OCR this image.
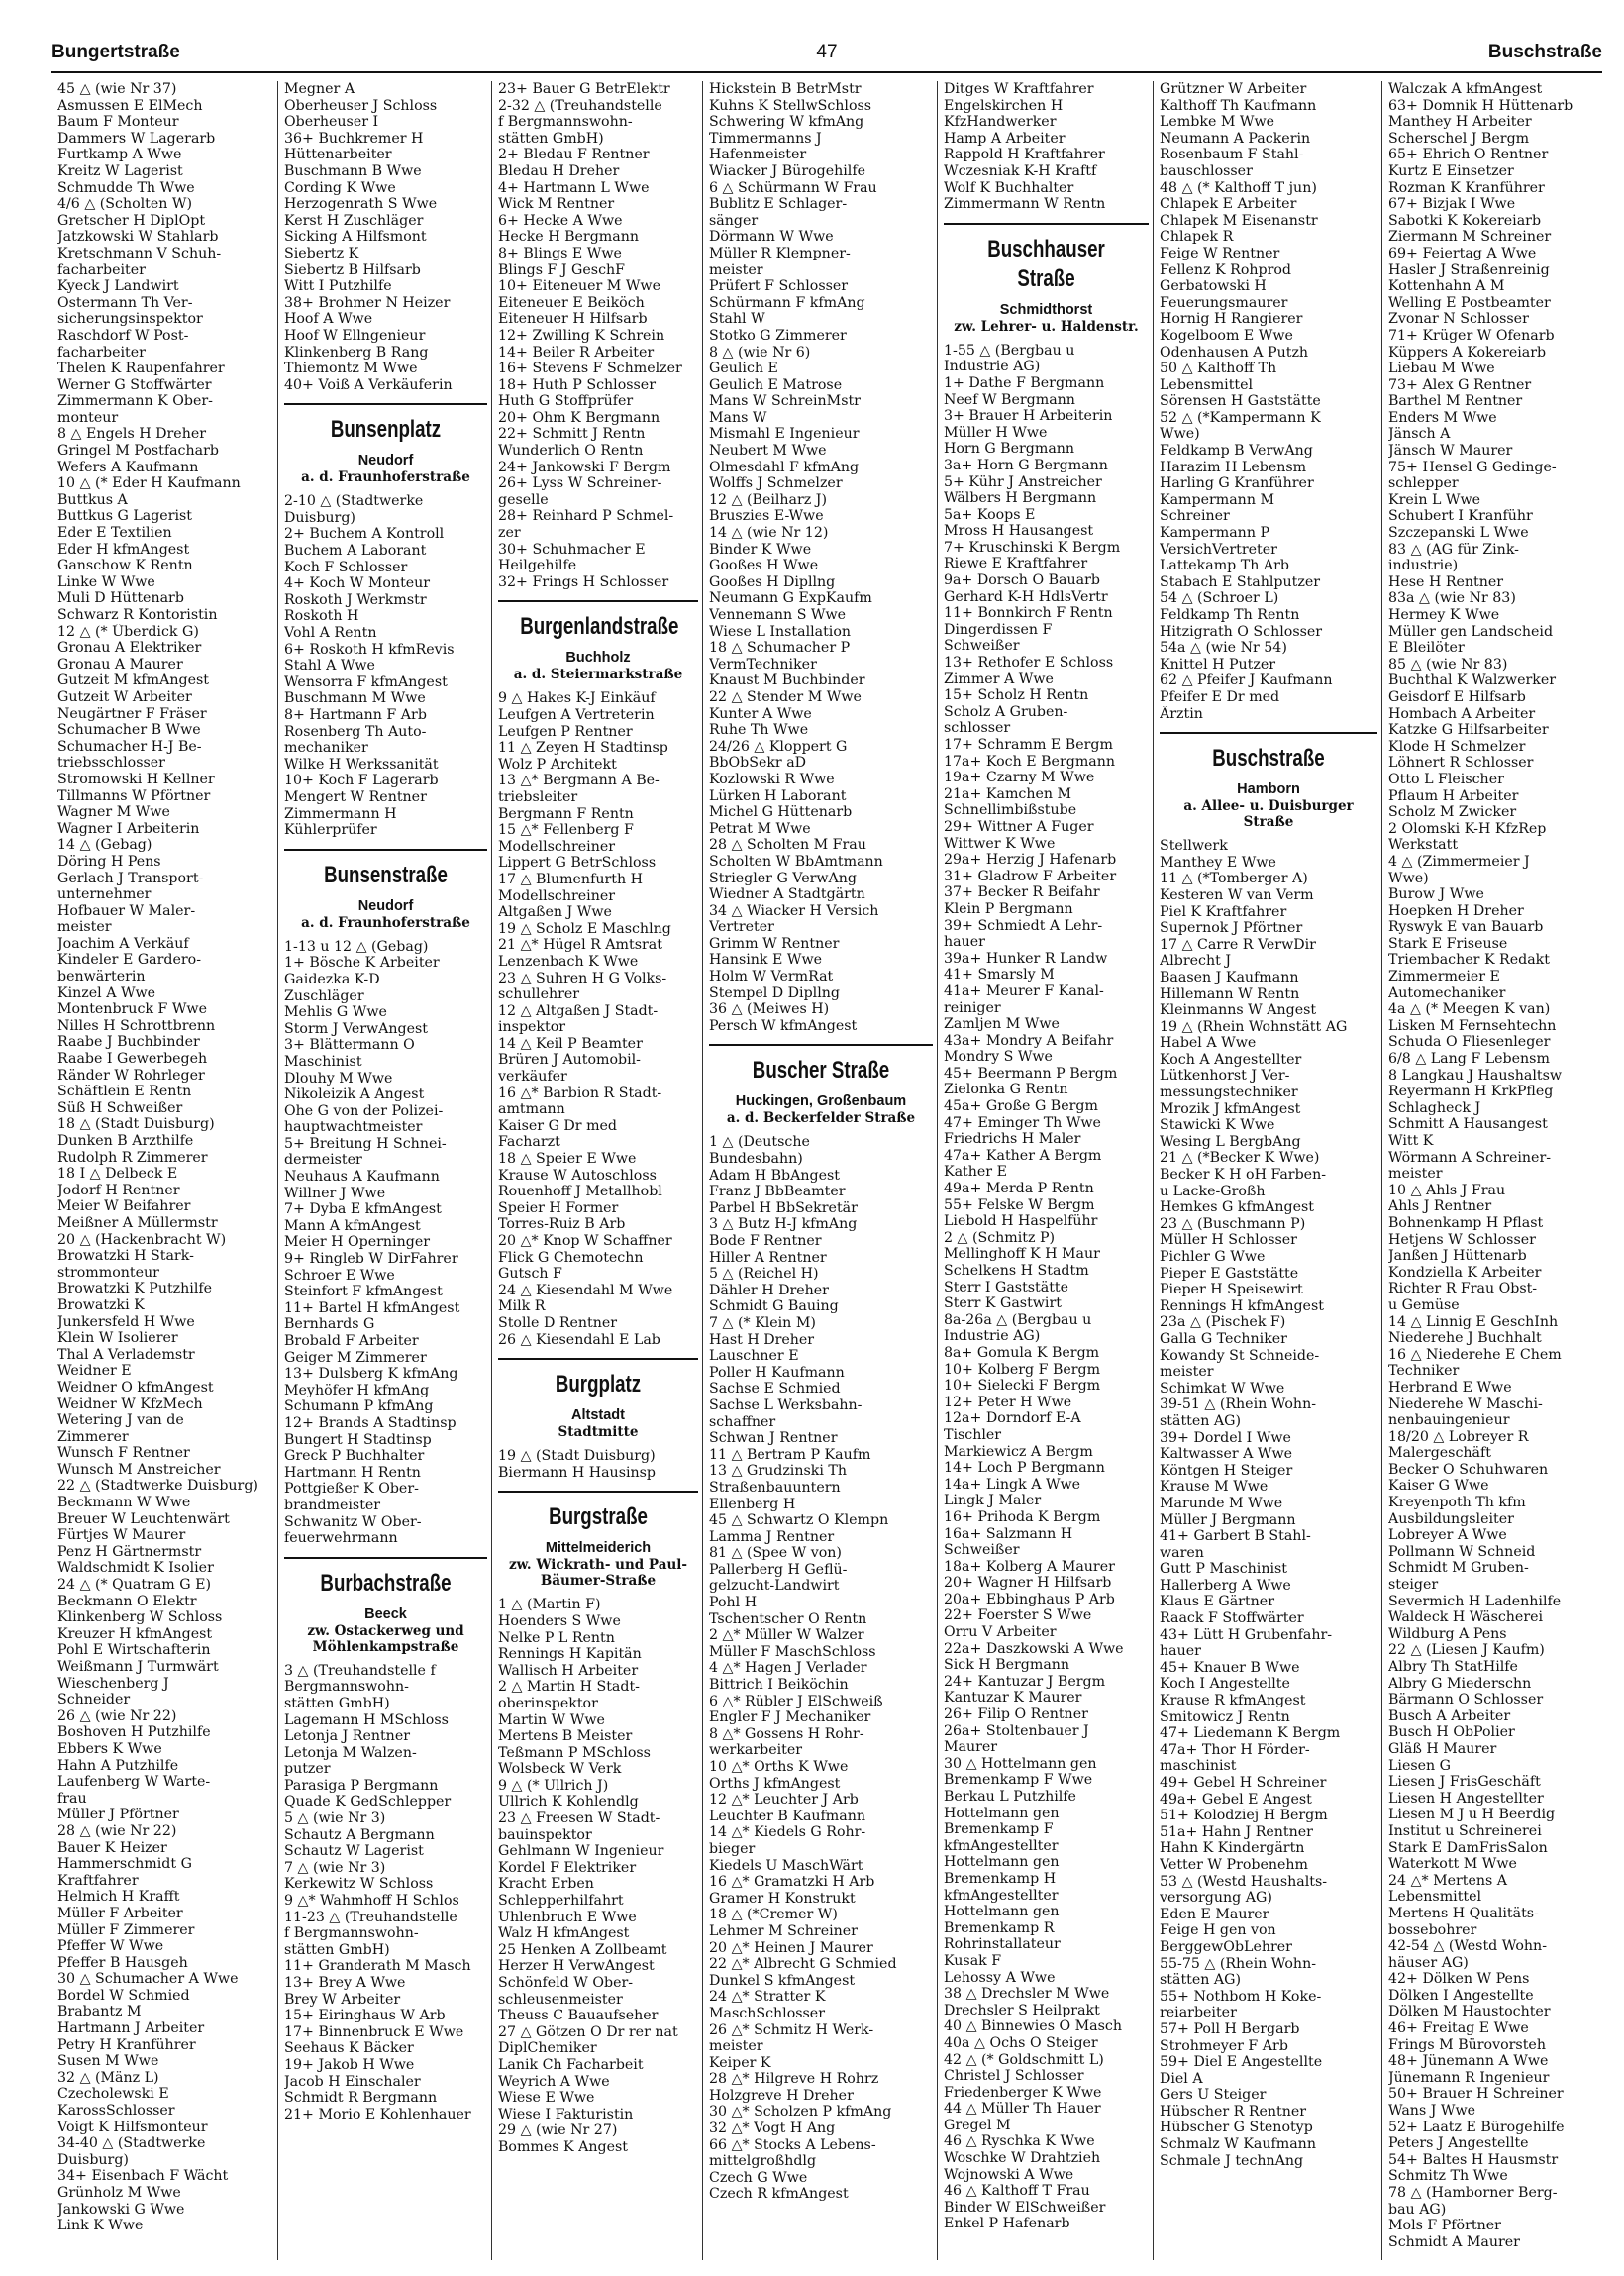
Bungertstraße	47	Buschstraße
45 △ (wie Nr 37)
Asmussen E ElMech
Baum F Monteur
Dammers W Lagerarb
Furtkamp A Wwe
Kreitz W Lagerist
Schmudde Th Wwe
4/6 △ (Scholten W)
Gretscher H DiplOpt
Jatzkowski W Stahlarb
Kretschmann V Schuh-
facharbeiter
Kyeck J Landwirt
Ostermann Th Ver-
sicherungsinspektor
Raschdorf W Post-
facharbeiter
Thelen K Raupenfahrer
Werner G Stoffwärter
Zimmermann K Ober-
monteur
8 △ Engels H Dreher
Gringel M Postfacharb
Wefers A Kaufmann
10 △ (* Eder H Kaufmann
Buttkus A
Buttkus G Lagerist
Eder E Textilien
Eder H kfmAngest
Ganschow K Rentn
Linke W Wwe
Muli D Hüttenarb
Schwarz R Kontoristin
12 △ (* Überdick G)
Gronau A Elektriker
Gronau A Maurer
Gutzeit M kfmAngest
Gutzeit W Arbeiter
Neugärtner F Fräser
Schumacher B Wwe
Schumacher H-J Be-
triebsschlosser
Stromowski H Kellner
Tillmanns W Pförtner
Wagner M Wwe
Wagner I Arbeiterin
14 △ (Gebag)
Döring H Pens
Gerlach J Transport-
unternehmer
Hofbauer W Maler-
meister
Joachim A Verkäuf
Kindeler E Gardero-
benwärterin
Kinzel A Wwe
Montenbruck F Wwe
Nilles H Schrottbrenn
Raabe J Buchbinder
Raabe I Gewerbegeh
Ränder W Rohrleger
Schäftlein E Rentn
Süß H Schweißer
18 △ (Stadt Duisburg)
Dunken B Arzthilfe
Rudolph R Zimmerer
18 I △ Delbeck E
Jodorf H Rentner
Meier W Beifahrer
Meißner A Müllermstr
20 △ (Hackenbracht W)
Browatzki H Stark-
strommonteur
Browatzki K Putzhilfe
Browatzki K
Junkersfeld H Wwe
Klein W Isolierer
Thal A Verlademstr
Weidner E
Weidner O kfmAngest
Weidner W KfzMech
Wetering J van de
Zimmerer
Wunsch F Rentner
Wunsch M Anstreicher
22 △ (Stadtwerke Duisburg)
Beckmann W Wwe
Breuer W Leuchtenwärt
Fürtjes W Maurer
Penz H Gärtnermstr
Waldschmidt K Isolier
24 △ (* Quatram G E)
Beckmann O Elektr
Klinkenberg W Schloss
Kreuzer H kfmAngest
Pohl E Wirtschafterin
Weißmann J Turmwärt
Wieschenberg J
Schneider
26 △ (wie Nr 22)
Boshoven H Putzhilfe
Ebbers K Wwe
Hahn A Putzhilfe
Laufenberg W Warte-
frau
Müller J Pförtner
28 △ (wie Nr 22)
Bauer K Heizer
Hammerschmidt G
Kraftfahrer
Helmich H Krafft
Müller F Arbeiter
Müller F Zimmerer
Pfeffer W Wwe
Pfeffer B Hausgeh
30 △ Schumacher A Wwe
Bordel W Schmied
Brabantz M
Hartmann J Arbeiter
Petry H Kranführer
Susen M Wwe
32 △ (Mänz L)
Czecholewski E
KarossSchlosser
Voigt K Hilfsmonteur
34-40 △ (Stadtwerke
Duisburg)
34+ Eisenbach F Wächt
Grünholz M Wwe
Jankowski G Wwe
Link K Wwe
Megner A
Oberheuser J Schloss
Oberheuser I
36+ Buchkremer H
Hüttenarbeiter
Buschmann B Wwe
Cording K Wwe
Herzogenrath S Wwe
Kerst H Zuschläger
Sicking A Hilfsmont
Siebertz K
Siebertz B Hilfsarb
Witt I Putzhilfe
38+ Brohmer N Heizer
Hoof A Wwe
Hoof W Ellngenieur
Klinkenberg B Rang
Thiemontz M Wwe
40+ Voiß A Verkäuferin
Bunsenplatz
Neudorf
a. d. Fraunhoferstraße
2-10 △ (Stadtwerke
Duisburg)
2+ Buchem A Kontroll
Buchem A Laborant
Koch F Schlosser
4+ Koch W Monteur
Roskoth J Werkmstr
Roskoth H
Vohl A Rentn
6+ Roskoth H kfmRevis
Stahl A Wwe
Wensorra F kfmAngest
Buschmann M Wwe
8+ Hartmann F Arb
Rosenberg Th Auto-
mechaniker
Wilke H Werkssanität
10+ Koch F Lagerarb
Mengert W Rentner
Zimmermann H
Kühlerprüfer
Bunsenstraße
Neudorf
a. d. Fraunhoferstraße
1-13 u 12 △ (Gebag)
1+ Bösche K Arbeiter
Gaidezka K-D
Zuschläger
Mehlis G Wwe
Storm J VerwAngest
3+ Blättermann O
Maschinist
Dlouhy M Wwe
Nikoleizik A Angest
Ohe G von der Polizei-
hauptwachtmeister
5+ Breitung H Schnei-
dermeister
Neuhaus A Kaufmann
Willner J Wwe
7+ Dyba E kfmAngest
Mann A kfmAngest
Meier H Operninger
9+ Ringleb W DirFahrer
Schroer E Wwe
Steinfort F kfmAngest
11+ Bartel H kfmAngest
Bernhards G
Brobald F Arbeiter
Geiger M Zimmerer
13+ Dulsberg K kfmAng
Meyhöfer H kfmAng
Schumann P kfmAng
12+ Brands A Stadtinsp
Bungert H Stadtinsp
Greck P Buchhalter
Hartmann H Rentn
Pottgießer K Ober-
brandmeister
Schwanitz W Ober-
feuerwehrmann
Burbachstraße
Beeck
zw. Ostackerweg und Möhlenkampstraße
3 △ (Treuhandstelle f
Bergmannswohn-
stätten GmbH)
Lagemann H MSchloss
Letonja J Rentner
Letonja M Walzen-
putzer
Parasiga P Bergmann
Quade K GedSchlepper
5 △ (wie Nr 3)
Schautz A Bergmann
Schautz W Lagerist
7 △ (wie Nr 3)
Kerkewitz W Schloss
9 △* Wahmhoff H Schlos
11-23 △ (Treuhandstelle
f Bergmannswohn-
stätten GmbH)
11+ Granderath M Masch
13+ Brey A Wwe
Brey W Arbeiter
15+ Eiringhaus W Arb
17+ Binnenbruck E Wwe
Seehaus K Bäcker
19+ Jakob H Wwe
Jacob H Einschaler
Schmidt R Bergmann
21+ Morio E Kohlenhauer
23+ Bauer G BetrElektr
2-32 △ (Treuhandstelle
f Bergmannswohn-
stätten GmbH)
2+ Bledau F Rentner
Bledau H Dreher
4+ Hartmann L Wwe
Wick M Rentner
6+ Hecke A Wwe
Hecke H Bergmann
8+ Blings E Wwe
Blings F J GeschF
10+ Eiteneuer M Wwe
Eiteneuer E Beiköch
Eiteneuer H Hilfsarb
12+ Zwilling K Schrein
14+ Beiler R Arbeiter
16+ Stevens F Schmelzer
18+ Huth P Schlosser
Huth G Stoffprüfer
20+ Ohm K Bergmann
22+ Schmitt J Rentn
Wunderlich O Rentn
24+ Jankowski F Bergm
26+ Lyss W Schreiner-
geselle
28+ Reinhard P Schmel-
zer
30+ Schuhmacher E
Heilgehilfe
32+ Frings H Schlosser
Burgenlandstraße
Buchholz
a. d. Steiermarkstraße
9 △ Hakes K-J Einkäuf
Leufgen A Vertreterin
Leufgen P Rentner
11 △ Zeyen H Stadtinsp
Wolz P Architekt
13 △* Bergmann A Be-
triebsleiter
Bergmann F Rentn
15 △* Fellenberg F
Modellschreiner
Lippert G BetrSchloss
17 △ Blumenfurth H
Modellschreiner
Altgaßen J Wwe
19 △ Scholz E Maschlng
21 △* Hügel R Amtsrat
Lenzenbach K Wwe
23 △ Suhren H G Volks-
schullehrer
12 △ Altgaßen J Stadt-
inspektor
14 △ Keil P Beamter
Brüren J Automobil-
verkäufer
16 △* Barbion R Stadt-
amtmann
Kaiser G Dr med
Facharzt
18 △ Speier E Wwe
Krause W Autoschloss
Rouenhoff J Metallhobl
Speier H Former
Torres-Ruiz B Arb
20 △* Knop W Schaffner
Flick G Chemotechn
Gutsch F
24 △ Kiesendahl M Wwe
Milk R
Stolle D Rentner
26 △ Kiesendahl E Lab
Burgplatz
Altstadt
Stadtmitte
19 △ (Stadt Duisburg)
Biermann H Hausinsp
Burgstraße
Mittelmeiderich
zw. Wickrath- und Paul-Bäumer-Straße
1 △ (Martin F)
Hoenders S Wwe
Nelke P L Rentn
Rennings H Kapitän
Wallisch H Arbeiter
2 △ Martin H Stadt-
oberinspektor
Martin W Wwe
Mertens B Meister
Teßmann P MSchloss
Wolsbeck W Verk
9 △ (* Ullrich J)
Ullrich K Kohlendlg
23 △ Freesen W Stadt-
bauinspektor
Gehlmann W Ingenieur
Kordel F Elektriker
Kracht Erben
Schlepperhilfahrt
Uhlenbruch E Wwe
Walz H kfmAngest
25 Henken A Zollbeamt
Herzer H VerwAngest
Schönfeld W Ober-
schleusenmeister
Theuss C Bauaufseher
27 △ Götzen O Dr rer nat
DiplChemiker
Lanik Ch Facharbeit
Weyrich A Wwe
Wiese E Wwe
Wiese I Fakturistin
29 △ (wie Nr 27)
Bommes K Angest
Hickstein B BetrMstr
Kuhns K StellwSchloss
Schwering W kfmAng
Timmermanns J
Hafenmeister
Wiacker J Bürogehilfe
6 △ Schürmann W Frau
Bublitz E Schlager-
sänger
Dörmann W Wwe
Müller R Klempner-
meister
Prüfert F Schlosser
Schürmann F kfmAng
Stahl W
Stotko G Zimmerer
8 △ (wie Nr 6)
Geulich E
Geulich E Matrose
Mans W SchreinMstr
Mans W
Mismahl E Ingenieur
Neubert M Wwe
Olmesdahl F kfmAng
Wolffs J Schmelzer
12 △ (Beilharz J)
Bruszies E-Wwe
14 △ (wie Nr 12)
Binder K Wwe
Gooßes H Wwe
Gooßes H Dipllng
Neumann G ExpKaufm
Vennemann S Wwe
Wiese L Installation
18 △ Schumacher P
VermTechniker
Knaust M Buchbinder
22 △ Stender M Wwe
Kunter A Wwe
Ruhe Th Wwe
24/26 △ Kloppert G
BbObSekr aD
Kozlowski R Wwe
Lürken H Laborant
Michel G Hüttenarb
Petrat M Wwe
28 △ Scholten M Frau
Scholten W BbAmtmann
Striegler G VerwAng
Wiedner A Stadtgärtn
34 △ Wiacker H Versich
Vertreter
Grimm W Rentner
Hansink E Wwe
Holm W VermRat
Stempel D Dipllng
36 △ (Meiwes H)
Persch W kfmAngest
Buscher Straße
Huckingen, Großenbaum
a. d. Beckerfelder Straße
1 △ (Deutsche
Bundesbahn)
Adam H BbAngest
Franz J BbBeamter
Parbel H BbSekretär
3 △ Butz H-J kfmAng
Bode F Rentner
Hiller A Rentner
5 △ (Reichel H)
Dähler H Dreher
Schmidt G Bauing
7 △ (* Klein M)
Hast H Dreher
Lauschner E
Poller H Kaufmann
Sachse E Schmied
Sachse L Werksbahn-
schaffner
Schwan J Rentner
11 △ Bertram P Kaufm
13 △ Grudzinski Th
Straßenbauuntern
Ellenberg H
45 △ Schwartz O Klempn
Lamma J Rentner
81 △ (Spee W von)
Pallerberg H Geflü-
gelzucht-Landwirt
Pohl H
Tschentscher O Rentn
2 △* Müller W Walzer
Müller F MaschSchloss
4 △* Hagen J Verlader
Bittrich I Beiköchin
6 △* Rübler J ElSchweiß
Engler F J Mechaniker
8 △* Gossens H Rohr-
werkarbeiter
10 △* Orths K Wwe
Orths J kfmAngest
12 △* Leuchter J Arb
Leuchter B Kaufmann
14 △* Kiedels G Rohr-
bieger
Kiedels U MaschWärt
16 △* Gramatzki H Arb
Gramer H Konstrukt
18 △ (*Cremer W)
Lehmer M Schreiner
20 △* Heinen J Maurer
22 △* Albrecht G Schmied
Dunkel S kfmAngest
24 △* Stratter K
MaschSchlosser
26 △* Schmitz H Werk-
meister
Keiper K
28 △* Hilgreve H Rohrz
Holzgreve H Dreher
30 △* Scholzen P kfmAng
32 △* Vogt H Ang
66 △* Stocks A Lebens-
mittelgroßhdlg
Czech G Wwe
Czech R kfmAngest
Ditges W Kraftfahrer
Engelskirchen H
KfzHandwerker
Hamp A Arbeiter
Rappold H Kraftfahrer
Wczesniak K-H Kraftf
Wolf K Buchhalter
Zimmermann W Rentn
Buschhauser Straße
Schmidthorst
zw. Lehrer- u. Haldenstr.
1-55 △ (Bergbau u
Industrie AG)
1+ Dathe F Bergmann
Neef W Bergmann
3+ Brauer H Arbeiterin
Müller H Wwe
Horn G Bergmann
3a+ Horn G Bergmann
5+ Kühr J Anstreicher
Wälbers H Bergmann
5a+ Koops E
Mross H Hausangest
7+ Kruschinski K Bergm
Riewe E Kraftfahrer
9a+ Dorsch O Bauarb
Gerhard K-H HdlsVertr
11+ Bonnkirch F Rentn
Dingerdissen F
Schweißer
13+ Rethofer E Schloss
Zimmer A Wwe
15+ Scholz H Rentn
Scholz A Gruben-
schlosser
17+ Schramm E Bergm
17a+ Koch E Bergmann
19a+ Czarny M Wwe
21a+ Kamchen M
Schnellimbißstube
29+ Wittner A Fuger
Wittwer K Wwe
29a+ Herzig J Hafenarb
31+ Gladrow F Arbeiter
37+ Becker R Beifahr
Klein P Bergmann
39+ Schmiedt A Lehr-
hauer
39a+ Hunker R Landw
41+ Smarsly M
41a+ Meurer F Kanal-
reiniger
Zamljen M Wwe
43a+ Mondry A Beifahr
Mondry S Wwe
45+ Beermann P Bergm
Zielonka G Rentn
45a+ Große G Bergm
47+ Eminger Th Wwe
Friedrichs H Maler
47a+ Kather A Bergm
Kather E
49a+ Merda P Rentn
55+ Felske W Bergm
Liebold H Haspelführ
2 △ (Schmitz P)
Mellinghoff K H Maur
Schelkens H Stadtm
Sterr I Gaststätte
Sterr K Gastwirt
8a-26a △ (Bergbau u
Industrie AG)
8a+ Gomula K Bergm
10+ Kolberg F Bergm
10+ Sielecki F Bergm
12+ Peter H Wwe
12a+ Dorndorf E-A
Tischler
Markiewicz A Bergm
14+ Loch P Bergmann
14a+ Lingk A Wwe
Lingk J Maler
16+ Prihoda K Bergm
16a+ Salzmann H
Schweißer
18a+ Kolberg A Maurer
20+ Wagner H Hilfsarb
20a+ Ebbinghaus P Arb
22+ Foerster S Wwe
Orru V Arbeiter
22a+ Daszkowski A Wwe
Sick H Bergmann
24+ Kantuzar J Bergm
Kantuzar K Maurer
26+ Filip O Rentner
26a+ Stoltenbauer J
Maurer
30 △ Hottelmann gen
Bremenkamp F Wwe
Berkau L Putzhilfe
Hottelmann gen
Bremenkamp F
kfmAngestellter
Hottelmann gen
Bremenkamp H
kfmAngestellter
Hottelmann gen
Bremenkamp R
Rohrinstallateur
Kusak F
Lehossy A Wwe
38 △ Drechsler M Wwe
Drechsler S Heilprakt
40 △ Binnewies O Masch
40a △ Ochs O Steiger
42 △ (* Goldschmitt L)
Christel J Schlosser
Friedenberger K Wwe
44 △ Müller Th Hauer
Gregel M
46 △ Ryschka K Wwe
Woschke W Drahtzieh
Wojnowski A Wwe
46 △ Kalthoff T Frau
Binder W ElSchweißer
Enkel P Hafenarb
Grützner W Arbeiter
Kalthoff Th Kaufmann
Lembke M Wwe
Neumann A Packerin
Rosenbaum F Stahl-
bauschlosser
48 △ (* Kalthoff T jun)
Chlapek E Arbeiter
Chlapek M Eisenanstr
Chlapek R
Feige W Rentner
Fellenz K Rohprod
Gerbatowski H
Feuerungsmaurer
Hornig H Rangierer
Kogelboom E Wwe
Odenhausen A Putzh
50 △ Kalthoff Th
Lebensmittel
Sörensen H Gaststätte
52 △ (*Kampermann K
Wwe)
Feldkamp B VerwAng
Harazim H Lebensm
Harling G Kranführer
Kampermann M
Schreiner
Kampermann P
VersichVertreter
Lattekamp Th Arb
Stabach E Stahlputzer
54 △ (Schroer L)
Feldkamp Th Rentn
Hitzigrath O Schlosser
54a △ (wie Nr 54)
Knittel H Putzer
62 △ Pfeifer J Kaufmann
Pfeifer E Dr med
Ärztin
Buschstraße
Hamborn
a. Allee- u. Duisburger Straße
Stellwerk
Manthey E Wwe
11 △ (*Tomberger A)
Kesteren W van Verm
Piel K Kraftfahrer
Supernok J Pförtner
17 △ Carre R VerwDir
Albrecht J
Baasen J Kaufmann
Hillemann W Rentn
Kleinmanns W Angest
19 △ (Rhein Wohnstätt AG
Habel A Wwe
Koch A Angestellter
Lütkenhorst J Ver-
messungstechniker
Mrozik J kfmAngest
Stawicki K Wwe
Wesing L BergbAng
21 △ (*Becker K Wwe)
Becker K H oH Farben-
u Lacke-Großh
Hemkes G kfmAngest
23 △ (Buschmann P)
Müller H Schlosser
Pichler G Wwe
Pieper E Gaststätte
Pieper H Speisewirt
Rennings H kfmAngest
23a △ (Pischek F)
Galla G Techniker
Kowandy St Schneide-
meister
Schimkat W Wwe
39-51 △ (Rhein Wohn-
stätten AG)
39+ Dordel I Wwe
Kaltwasser A Wwe
Köntgen H Steiger
Krause M Wwe
Marunde M Wwe
Müller J Bergmann
41+ Garbert B Stahl-
waren
Gutt P Maschinist
Hallerberg A Wwe
Klaus E Gärtner
Raack F Stoffwärter
43+ Lütt H Grubenfahr-
hauer
45+ Knauer B Wwe
Koch I Angestellte
Krause R kfmAngest
Smitowicz J Rentn
47+ Liedemann K Bergm
47a+ Thor H Förder-
maschinist
49+ Gebel H Schreiner
49a+ Gebel E Angest
51+ Kolodziej H Bergm
51a+ Hahn J Rentner
Hahn K Kindergärtn
Vetter W Probenehm
53 △ (Westd Haushalts-
versorgung AG)
Eden E Maurer
Feige H gen von
BerggewObLehrer
55-75 △ (Rhein Wohn-
stätten AG)
55+ Nothbom H Koke-
reiarbeiter
57+ Poll H Bergarb
Strohmeyer F Arb
59+ Diel E Angestellte
Diel A
Gers U Steiger
Hübscher R Rentner
Hübscher G Stenotyp
Schmalz W Kaufmann
Schmale J technAng
Walczak A kfmAngest
63+ Domnik H Hüttenarb
Manthey H Arbeiter
Scherschel J Bergm
65+ Ehrich O Rentner
Kurtz E Einsetzer
Rozman K Kranführer
67+ Bizjak I Wwe
Sabotki K Kokereiarb
Ziermann M Schreiner
69+ Feiertag A Wwe
Hasler J Straßenreinig
Kottenhahn A M
Welling E Postbeamter
Zvonar N Schlosser
71+ Krüger W Ofenarb
Küppers A Kokereiarb
Liebau M Wwe
73+ Alex G Rentner
Barthel M Rentner
Enders M Wwe
Jänsch A
Jänsch W Maurer
75+ Hensel G Gedinge-
schlepper
Krein L Wwe
Schubert I Kranführ
Szczepanski L Wwe
83 △ (AG für Zink-
industrie)
Hese H Rentner
83a △ (wie Nr 83)
Hermey K Wwe
Müller gen Landscheid
E Bleilöter
85 △ (wie Nr 83)
Buchthal K Walzwerker
Geisdorf E Hilfsarb
Hombach A Arbeiter
Katzke G Hilfsarbeiter
Klode H Schmelzer
Löhnert R Schlosser
Otto L Fleischer
Pflaum H Arbeiter
Scholz M Zwicker
2 Olomski K-H KfzRep
Werkstatt
4 △ (Zimmermeier J
Wwe)
Burow J Wwe
Hoepken H Dreher
Ryswyk E van Bauarb
Stark E Friseuse
Triembacher K Redakt
Zimmermeier E
Automechaniker
4a △ (* Meegen K van)
Lisken M Fernsehtechn
Schuda O Fliesenleger
6/8 △ Lang F Lebensm
8 Langkau J Haushaltsw
Reyermann H KrkPfleg
Schlagheck J
Schmitt A Hausangest
Witt K
Wörmann A Schreiner-
meister
10 △ Ahls J Frau
Ahls J Rentner
Bohnenkamp H Pflast
Hetjens W Schlosser
Janßen J Hüttenarb
Kondziella K Arbeiter
Richter R Frau Obst-
u Gemüse
14 △ Linnig E GeschInh
Niederehe J Buchhalt
16 △ Niederehe E Chem
Techniker
Herbrand E Wwe
Niederehe W Maschi-
nenbauingenieur
18/20 △ Lobreyer R
Malergeschäft
Becker O Schuhwaren
Kaiser G Wwe
Kreyenpoth Th kfm
Ausbildungsleiter
Lobreyer A Wwe
Pollmann W Schneid
Schmidt M Gruben-
steiger
Severmich H Ladenhilfe
Waldeck H Wäscherei
Wildburg A Pens
22 △ (Liesen J Kaufm)
Albry Th StatHilfe
Albry G Miederschn
Bärmann O Schlosser
Busch A Arbeiter
Busch H ObPolier
Gläß H Maurer
Liesen G
Liesen J FrisGeschäft
Liesen H Angestellter
Liesen M J u H Beerdig
Institut u Schreinerei
Stark E DamFrisSalon
Waterkott M Wwe
24 △* Mertens A
Lebensmittel
Mertens H Qualitäts-
bossebohrer
42-54 △ (Westd Wohn-
häuser AG)
42+ Dölken W Pens
Dölken I Angestellte
Dölken M Haustochter
46+ Freitag E Wwe
Frings M Bürovorsteh
48+ Jünemann A Wwe
Jünemann R Ingenieur
50+ Brauer H Schreiner
Wans J Wwe
52+ Laatz E Bürogehilfe
Peters J Angestellte
54+ Baltes H Hausmstr
Schmitz Th Wwe
78 △ (Hamborner Berg-
bau AG)
Mols F Pförtner
Schmidt A Maurer
